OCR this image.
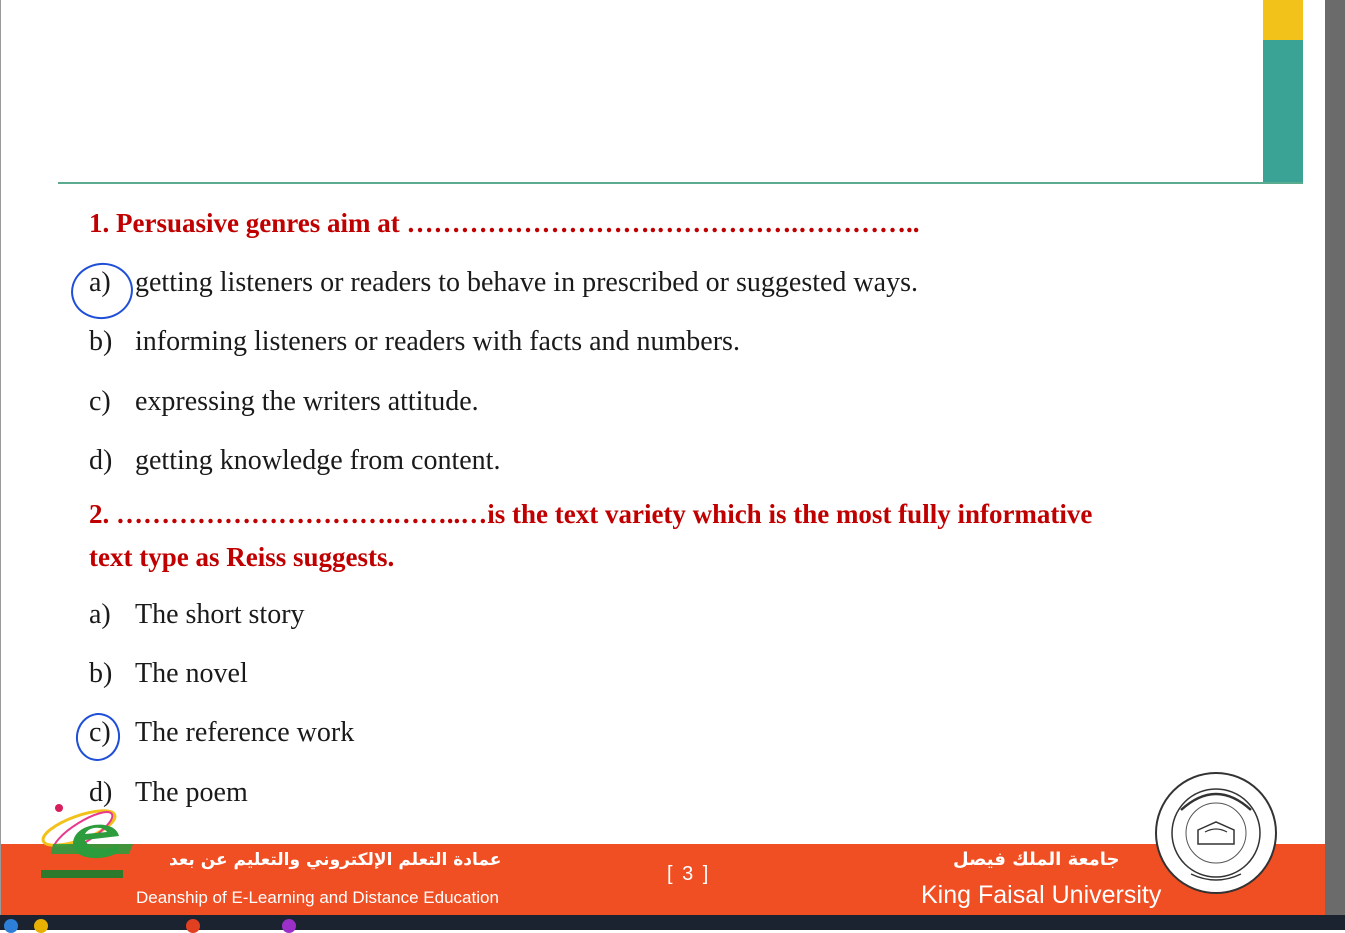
1. Persuasive genres aim at ……………………….…………….…………..

a) getting listeners or readers to behave in prescribed or suggested ways.
b) informing listeners or readers with facts and numbers.
c) expressing the writers attitude.
d) getting knowledge from content.

2. ………………………….……..…is the text variety which is the most fully informative

text type as Reiss suggests.

a) The short story
b) The novel
c) The reference work
d) The poem
عمادة التعلم الإلكتروني والتعليم عن بعد
Deanship of E-Learning and Distance Education
[ 3 ]
جامعة الملك فيصل
King Faisal University
